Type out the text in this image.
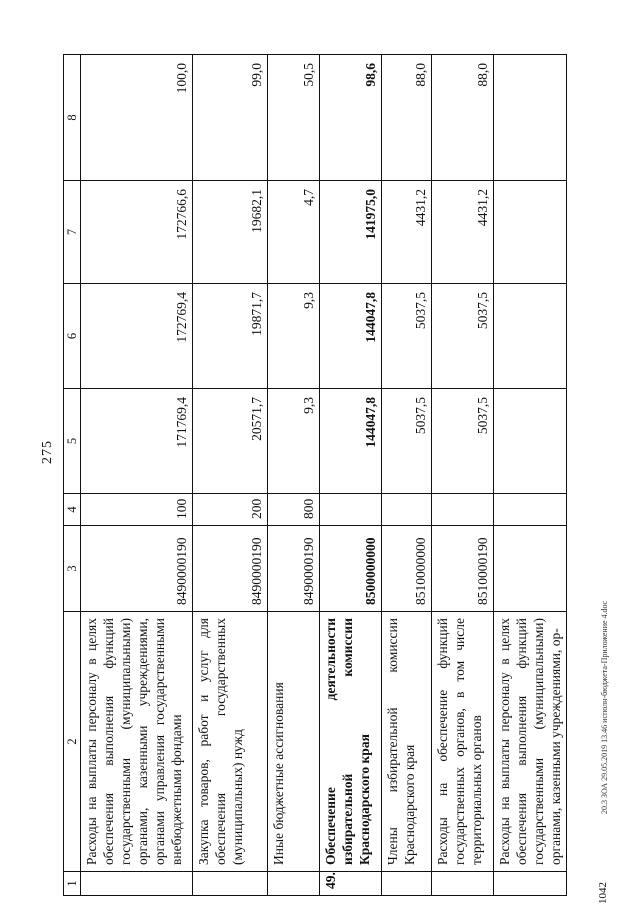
275
1042
20.3 ЗОА 29.05.2019 13.46 исполн-бюджета-Приложение 4.doc
1	2	3	4	5	6	7	8
	Расходы на выплаты персоналу в целях обеспечения выполнения функций государственными (муниципальными) органами, казенными учреждениями, органами управления государственными внебюджетными фондами	8490000190	100	171769,4	172769,4	172766,6	100,0
	Закупка товаров, работ и услуг для обеспечения государственных (муниципальных) нужд	8490000190	200	20571,7	19871,7	19682,1	99,0
	Иные бюджетные ассигнования	8490000190	800	9,3	9,3	4,7	50,5
49.	Обеспечение деятельности избирательной комиссии Краснодарского края	8500000000		144047,8	144047,8	141975,0	98,6
	Члены избирательной комиссии Краснодарского края	8510000000		5037,5	5037,5	4431,2	88,0
	Расходы на обеспечение функций государственных органов, в том числе территориальных органов	8510000190		5037,5	5037,5	4431,2	88,0
	Расходы на выплаты персоналу в целях обеспечения выполнения функций государственными (муниципальными) органами, казенными учреждениями, ор-						
